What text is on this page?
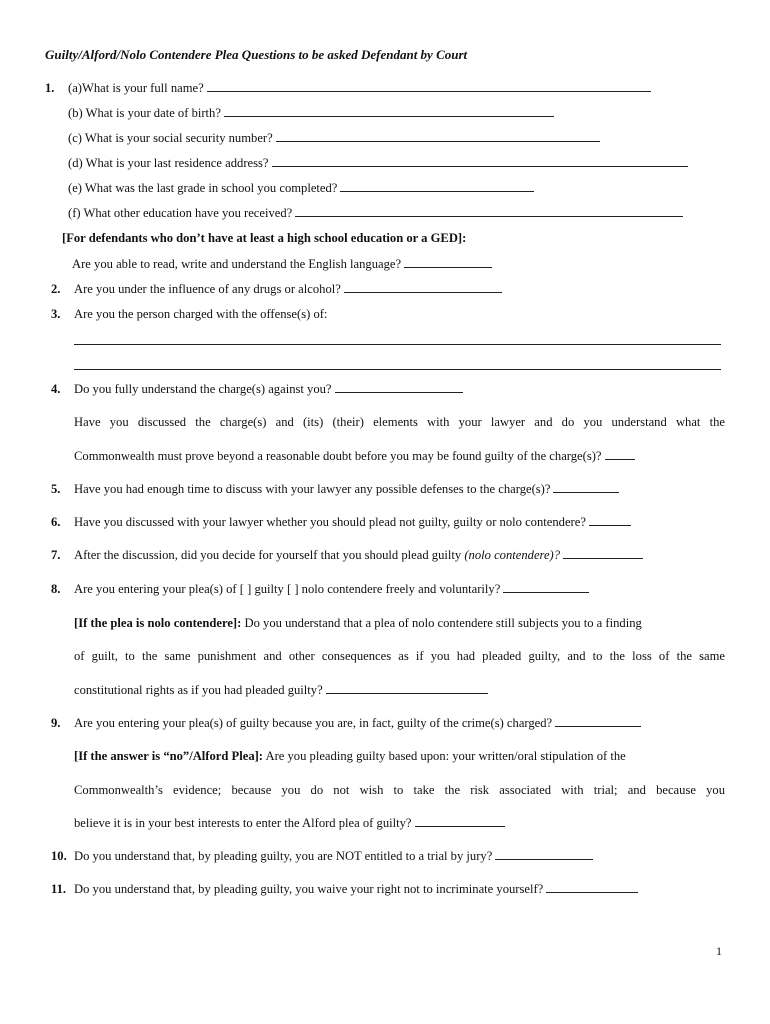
Guilty/Alford/Nolo Contendere Plea Questions to be asked Defendant by Court
1. (a)What is your full name?
(b) What is your date of birth?
(c) What is your social security number?
(d) What is your last residence address?
(e) What was the last grade in school you completed?
(f) What other education have you received?
[For defendants who don’t have at least a high school education or a GED]:
Are you able to read, write and understand the English language?
2. Are you under the influence of any drugs or alcohol?
3. Are you the person charged with the offense(s) of:
4. Do you fully understand the charge(s) against you?
Have you discussed the charge(s) and (its) (their) elements with your lawyer and do you understand what the
Commonwealth must prove beyond a reasonable doubt before you may be found guilty of the charge(s)?
5. Have you had enough time to discuss with your lawyer any possible defenses to the charge(s)?
6. Have you discussed with your lawyer whether you should plead not guilty, guilty or nolo contendere?
7. After the discussion, did you decide for yourself that you should plead guilty (nolo contendere)?
8. Are you entering your plea(s) of [ ] guilty [ ] nolo contendere freely and voluntarily?
[If the plea is nolo contendere]: Do you understand that a plea of nolo contendere still subjects you to a finding
of guilt, to the same punishment and other consequences as if you had pleaded guilty, and to the loss of the same
constitutional rights as if you had pleaded guilty?
9. Are you entering your plea(s) of guilty because you are, in fact, guilty of the crime(s) charged?
[If the answer is “no”/Alford Plea]: Are you pleading guilty based upon: your written/oral stipulation of the
Commonwealth’s evidence; because you do not wish to take the risk associated with trial; and because you
believe it is in your best interests to enter the Alford plea of guilty?
10. Do you understand that, by pleading guilty, you are NOT entitled to a trial by jury?
11. Do you understand that, by pleading guilty, you waive your right not to incriminate yourself?
1
